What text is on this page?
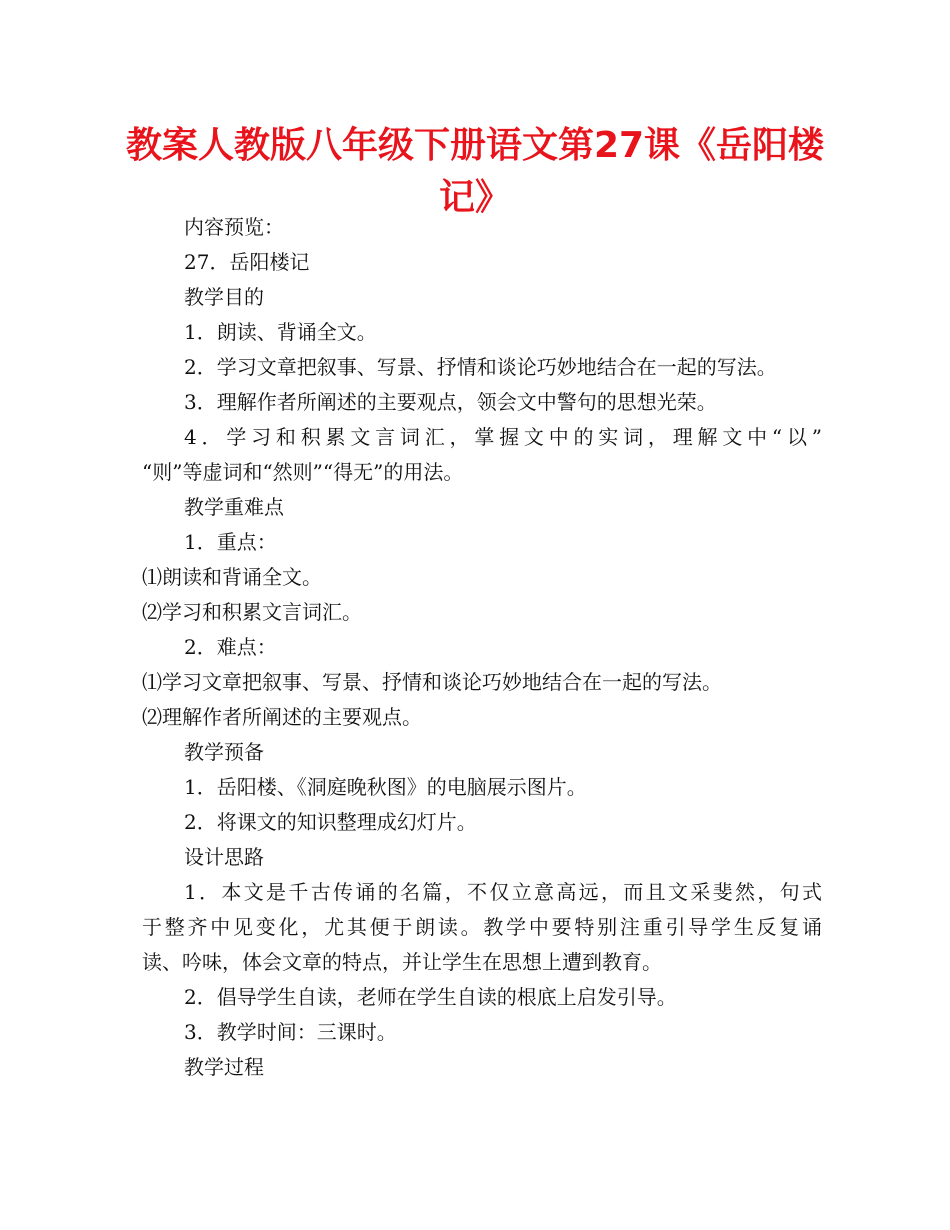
教案人教版八年级下册语文第27课《岳阳楼记》
内容预览：
27．岳阳楼记
教学目的
1．朗读、背诵全文。
2．学习文章把叙事、写景、抒情和谈论巧妙地结合在一起的写法。
3．理解作者所阐述的主要观点，领会文中警句的思想光荣。
4．学习和积累文言词汇，掌握文中的实词，理解文中“以”
“则”等虚词和“然则”“得无”的用法。
教学重难点
1．重点：
⑴朗读和背诵全文。
⑵学习和积累文言词汇。
2．难点：
⑴学习文章把叙事、写景、抒情和谈论巧妙地结合在一起的写法。
⑵理解作者所阐述的主要观点。
教学预备
1．岳阳楼、《洞庭晚秋图》的电脑展示图片。
2．将课文的知识整理成幻灯片。
设计思路
1．本文是千古传诵的名篇，不仅立意高远，而且文采斐然，句式
于整齐中见变化，尤其便于朗读。教学中要特别注重引导学生反复诵
读、吟味，体会文章的特点，并让学生在思想上遭到教育。
2．倡导学生自读，老师在学生自读的根底上启发引导。
3．教学时间：三课时。
教学过程
